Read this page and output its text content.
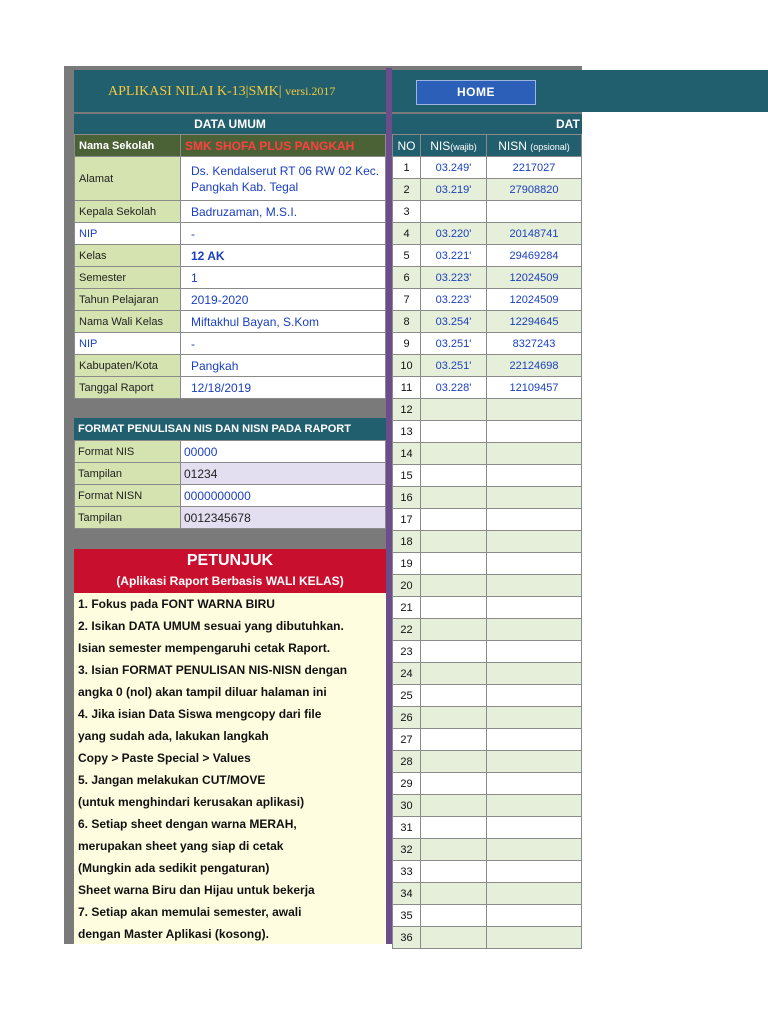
APLIKASI NILAI K-13|SMK| versi.2017	HOME
DATA UMUM	DAT
Nama Sekolah	SMK SHOFA PLUS PANGKAH
Alamat	Ds. Kendalserut RT 06 RW 02 Kec. Pangkah Kab. Tegal
Kepala Sekolah	Badruzaman, M.S.I.
NIP	-
Kelas	12 AK
Semester	1
Tahun Pelajaran	2019-2020
Nama Wali Kelas	Miftakhul Bayan, S.Kom
NIP	-
Kabupaten/Kota	Pangkah
Tanggal Raport	12/18/2019
FORMAT PENULISAN NIS DAN NISN PADA RAPORT
Format NIS	00000
Tampilan	01234
Format NISN	0000000000
Tampilan	0012345678
PETUNJUK
(Aplikasi Raport Berbasis WALI KELAS)
1. Fokus pada FONT WARNA BIRU
2. Isikan DATA UMUM sesuai yang dibutuhkan.
Isian semester mempengaruhi cetak Raport.
3. Isian FORMAT PENULISAN NIS-NISN dengan
angka 0 (nol) akan tampil diluar halaman ini
4. Jika isian Data Siswa mengcopy dari file
yang sudah ada, lakukan langkah
Copy > Paste Special > Values
5. Jangan melakukan CUT/MOVE
(untuk menghindari kerusakan aplikasi)
6. Setiap sheet dengan warna MERAH,
merupakan sheet yang siap di cetak
(Mungkin ada sedikit pengaturan)
Sheet warna Biru dan Hijau untuk bekerja
7. Setiap akan memulai semester, awali
dengan Master Aplikasi (kosong).
NO	NIS(wajib)	NISN (opsional)
1	03.249'	2217027
2	03.219'	27908820
3		
4	03.220'	20148741
5	03.221'	29469284
6	03.223'	12024509
7	03.223'	12024509
8	03.254'	12294645
9	03.251'	8327243
10	03.251'	22124698
11	03.228'	12109457
12		
13		
14		
15		
16		
17		
18		
19		
20		
21		
22		
23		
24		
25		
26		
27		
28		
29		
30		
31		
32		
33		
34		
35		
36		
